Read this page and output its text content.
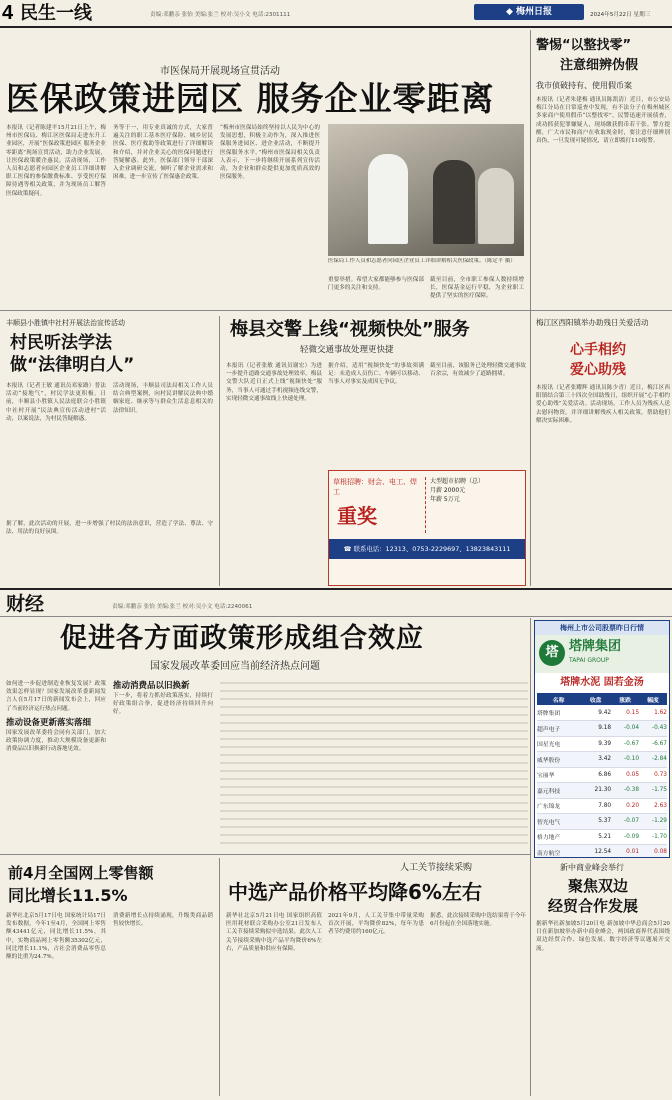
4 民生一线	责编:邓鹏亲 张怡 美编:张兰 校对:吴小文 电话:2301111	◆ 梅州日报	2024年5月22日 星期三
市医保局开展现场宣贯活动
医保政策进园区 服务企业零距离
本报讯（记者陈建平15月21日上午，梅州市医保局、梅江区医保局走进东升工业园区，开展“医保政策进园区 服务企业零距离”现场宣贯活动，助力企业发展，让医保政策暖企惠民。活动现场，工作人员和志愿者向园区企业员工详细讲解职工医保的参保缴费标准、享受医疗保障待遇等相关政策，并为现场员工解答医保政策疑问。
务等于一，用专业真诚的方式，大家普遍关注的职工基本医疗保险、城乡居民医保、医疗救助等政策进行了详细解读和介绍，并对企业关心的医保问题进行答疑解惑。此外，医保部门领导干部深入企业调研交流，倾听了解企业需求和困难，进一步宣传了医保惠企政策。
“梅州市医保局始终坚持以人民为中心的发展思想，积极主动作为，深入推进医保服务进园区、进企业活动，不断提升医保服务水平。”梅州市医保局相关负责人表示，下一步将继续开展系列宣传活动，为企业和群众提供更加优质高效的医保服务。
医保局工作人员和志愿者向园区企业员工详细讲解相关医保政策。（陈定平 摄）
重要举措。希望大家都能够参与医保部门更多的关注和支持。
截至目前，全市职工参保人数持续增长，医保基金运行平稳，为企业职工提供了坚实的医疗保障。
警惕“以整找零”
注意细辨伪假
我市侦破持有、使用假币案
本报讯（记者朱建梅 通讯员陈凯清）近日，市公安局梅江分局在日常巡查中发现，有不法分子在梅州城区多家商户使用假币“以整找零”。民警迅速开展侦查，成功抓获犯罪嫌疑人，现场缴获假币若干张。警方提醒，广大市民和商户在收取现金时，要注意仔细辨别真伪，一旦发现可疑情况，请立即拨打110报警。
丰顺县小胜镇中社村开展法治宣传活动
村民听法学法
做“法律明白人”
本报讯（记者王敏 通讯员邓家路）普法活动“接地气”，村民学法更积极。日前，丰顺县小胜镇人民法庭联合小胜镇中社村开展“民法典宣传活动进村”活动，以案说法，为村民答疑解惑。
活动现场，丰顺县司法局相关工作人员结合典型案例，向村民讲解民法典中婚姻家庭、继承等与群众生活息息相关的法律知识。
据了解，此次活动的开展，进一步增强了村民的法治意识，营造了学法、尊法、守法、用法的良好氛围。
梅县交警上线“视频快处”服务
轻微交通事故处理更快捷
本报讯（记者张敏 通讯员谢宏）为进一步提升道路交通事故处理效率，梅县交警大队近日正式上线“视频快处”服务，当事人可通过手机视频连线交警，实现轻微交通事故线上快速处理。
据介绍，适用“视频快处”的事故须满足：未造成人员伤亡、车辆可以移动、当事人对事实及成因无争议。
截至目前，该服务已处理轻微交通事故百余宗，有效减少了道路拥堵。
草根招聘：财会、电工、焊工
重奖
大型超市招聘（总）
月薪 2000元
年薪 5万元
☎ 联系电话：12313、0753-2229697、13823843111
梅江区西阳镇举办助残日关爱活动
心手相约
爱心助残
本报讯（记者张耀辉 通讯员陈少青）近日，梅江区西阳镇结合第三十四次全国助残日，组织开展“心手相约 爱心助残”关爱活动。活动现场，工作人员为残疾人送去慰问物资，并详细讲解残疾人相关政策，帮助他们解决实际困难。
财经	责编:邓鹏亲 张怡 美编:张兰 校对:吴小文 电话:2240061
促进各方面政策形成组合效应
国家发展改革委回应当前经济热点问题
如何进一步促进制造业恢复发展？政策效果怎样显现？国家发展改革委新闻发言人在5月17日的新闻发布会上，回应了当前经济运行热点问题。
推动设备更新落实落细
国家发展改革委将会同有关部门，加大政策协调力度，推动大规模设备更新和消费品以旧换新行动落地见效。
推动消费品以旧换新
下一步，将着力抓好政策落实，持续打好政策组合拳，促进经济持续回升向好。
梅州上市公司股票昨日行情
塔 塔牌集团
TAPAI GROUP
塔牌水泥 固若金汤
名称	收盘	涨跌	幅度
塔牌集团	9.42	0.15	1.62
超声电子	9.18	-0.04	-0.43
国星光电	9.39	-0.67	-6.67
威华股份	3.42	-0.10	-2.84
宝丽华	6.86	0.05	0.73
嘉元科技	21.30	-0.38	-1.75
广东锦龙	7.80	0.20	2.63
智光电气	5.37	-0.07	-1.29
格力地产	5.21	-0.09	-1.70
南方航空	12.54	0.01	0.08
新中商业峰会举行
聚焦双边
经贸合作发展
据新华社新加坡5月20日电 新加坡中华总商会5月20日在新加坡举办新中商业峰会，两国政商界代表围绕双边经贸合作、绿色发展、数字经济等议题展开交流。
前4月全国网上零售额
同比增长11.5%
新华社北京5月17日电 国家统计局17日发布数据，今年1至4月，全国网上零售额43441亿元，同比增长11.5%。其中，实物商品网上零售额35302亿元，同比增长11.1%，占社会消费品零售总额的比重为24.7%。
消费新增长点持续涌现，升级类商品销售较快增长。
人工关节接续采购
中选产品价格平均降6%左右
新华社北京5月21日电 国家组织高值医用耗材联合采购办公室21日发布人工关节接续采购拟中选结果。此次人工关节接续采购中选产品平均降价6%左右，产品质量和供应有保障。
2021年9月，人工关节集中带量采购首次开展，平均降价82%，每年为患者节约费用约160亿元。
据悉，此次接续采购中选结果将于今年6月份起在全国落地实施。
